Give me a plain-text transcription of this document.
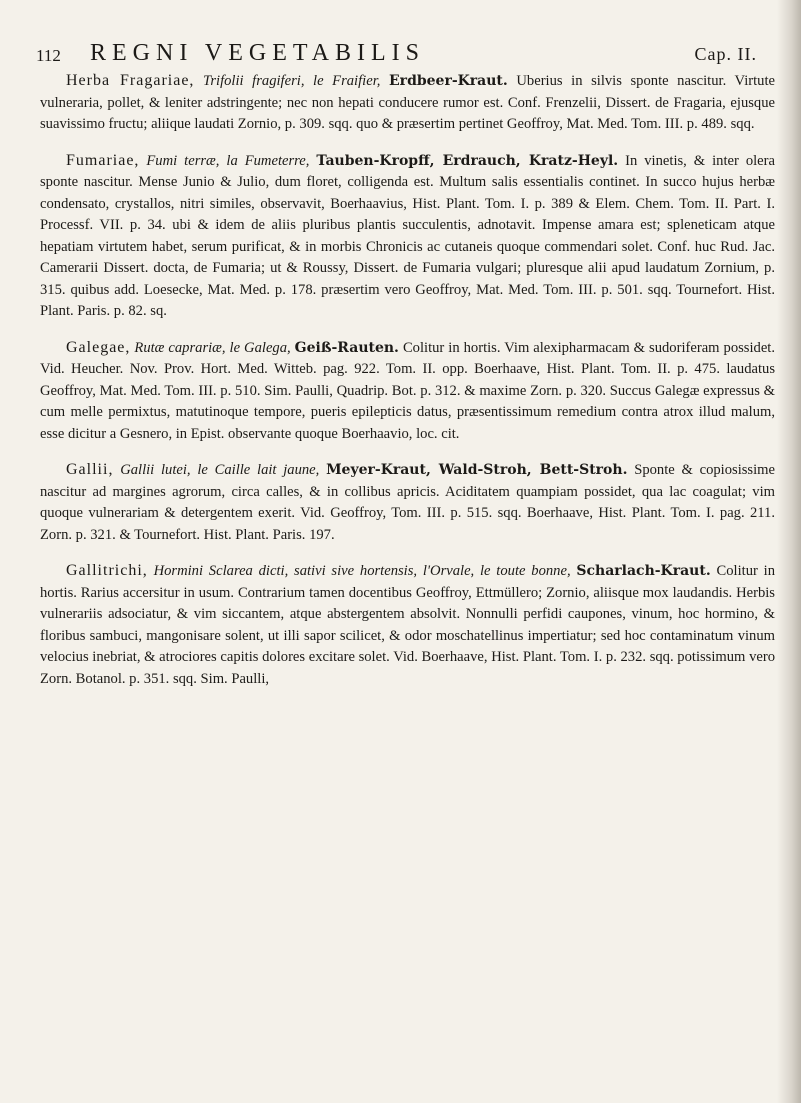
112 REGNI VEGETABILIS	Cap. II.

Herba Fragariae, Trifolii fragiferi, le Fraifier, Erdbeer-Kraut. Uberius in silvis sponte nascitur. Virtute vulneraria, pollet, & leniter adstringente; nec non hepati conducere rumor est. Conf. Frenzelii, Dissert. de Fragaria, ejusque suavissimo fructu; aliique laudati Zornio, p. 309. sqq. quo & præsertim pertinet Geoffroy, Mat. Med. Tom. III. p. 489. sqq.

Fumariae, Fumi terræ, la Fumeterre, Tauben-Kropff, Erdrauch, Kratz-Heyl. In vinetis, & inter olera sponte nascitur. Mense Junio & Julio, dum floret, colligenda est. Multum salis essentialis continet. In succo hujus herbæ condensato, crystallos, nitri similes, observavit, Boerhaavius, Hist. Plant. Tom. I. p. 389 & Elem. Chem. Tom. II. Part. I. Processf. VII. p. 34. ubi & idem de aliis pluribus plantis succulentis, adnotavit. Impense amara est; spleneticam atque hepatiam virtutem habet, serum purificat, & in morbis Chronicis ac cutaneis quoque commendari solet. Conf. huc Rud. Jac. Camerarii Dissert. docta, de Fumaria; ut & Roussy, Dissert. de Fumaria vulgari; pluresque alii apud laudatum Zornium, p. 315. quibus add. Loesecke, Mat. Med. p. 178. præsertim vero Geoffroy, Mat. Med. Tom. III. p. 501. sqq. Tournefort. Hist. Plant. Paris. p. 82. sq.

Galegae, Rutæ caprariæ, le Galega, Geiß-Rauten. Colitur in hortis. Vim alexipharmacam & sudoriferam possidet. Vid. Heucher. Nov. Prov. Hort. Med. Witteb. pag. 922. Tom. II. opp. Boerhaave, Hist. Plant. Tom. II. p. 475. laudatus Geoffroy, Mat. Med. Tom. III. p. 510. Sim. Paulli, Quadrip. Bot. p. 312. & maxime Zorn. p. 320. Succus Galegæ expressus & cum melle permixtus, matutinoque tempore, pueris epilepticis datus, præsentissimum remedium contra atrox illud malum, esse dicitur a Gesnero, in Epist. observante quoque Boerhaavio, loc. cit.

Gallii, Gallii lutei, le Caille lait jaune, Meyer-Kraut, Wald-Stroh, Bett-Stroh. Sponte & copiosissime nascitur ad margines agrorum, circa calles, & in collibus apricis. Aciditatem quampiam possidet, qua lac coagulat; vim quoque vulnerariam & detergentem exerit. Vid. Geoffroy, Tom. III. p. 515. sqq. Boerhaave, Hist. Plant. Tom. I. pag. 211. Zorn. p. 321. & Tournefort. Hist. Plant. Paris. 197.

Gallitrichi, Hormini Sclarea dicti, sativi sive hortensis, l'Orvale, le toute bonne, Scharlach-Kraut. Colitur in hortis. Rarius accersitur in usum. Contrarium tamen docentibus Geoffroy, Ettmüllero; Zornio, aliisque mox laudandis. Herbis vulnerariis adsociatur, & vim siccantem, atque abstergentem absolvit. Nonnulli perfidi caupones, vinum, hoc hormino, & floribus sambuci, mangonisare solent, ut illi sapor scilicet, & odor moschatellinus impertiatur; sed hoc contaminatum vinum velocius inebriat, & atrociores capitis dolores excitare solet. Vid. Boerhaave, Hist. Plant. Tom. I. p. 232. sqq. potissimum vero Zorn. Botanol. p. 351. sqq. Sim. Paulli,
